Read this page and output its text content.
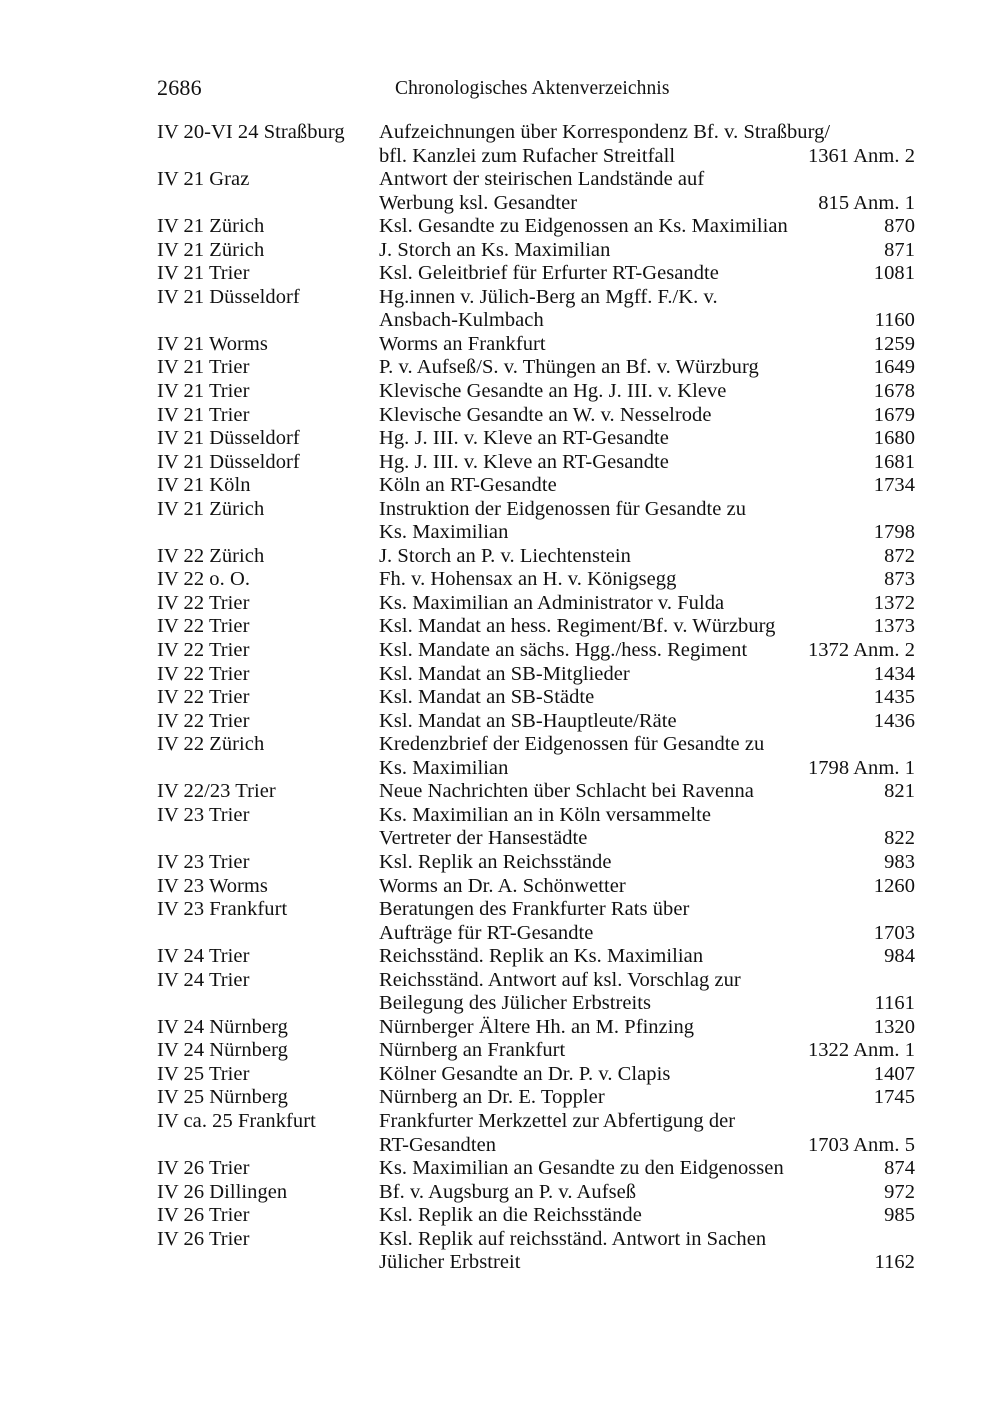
2686	Chronologisches Aktenverzeichnis
IV 20-VI 24 Straßburg	Aufzeichnungen über Korrespondenz Bf. v. Straßburg/
bfl. Kanzlei zum Rufacher Streitfall	1361 Anm. 2
IV 21 Graz	Antwort der steirischen Landstände auf
Werbung ksl. Gesandter	815 Anm. 1
IV 21 Zürich	Ksl. Gesandte zu Eidgenossen an Ks. Maximilian	870
IV 21 Zürich	J. Storch an Ks. Maximilian	871
IV 21 Trier	Ksl. Geleitbrief für Erfurter RT-Gesandte	1081
IV 21 Düsseldorf	Hg.innen v. Jülich-Berg an Mgff. F./K. v.
Ansbach-Kulmbach	1160
IV 21 Worms	Worms an Frankfurt	1259
IV 21 Trier	P. v. Aufseß/S. v. Thüngen an Bf. v. Würzburg	1649
IV 21 Trier	Klevische Gesandte an Hg. J. III. v. Kleve	1678
IV 21 Trier	Klevische Gesandte an W. v. Nesselrode	1679
IV 21 Düsseldorf	Hg. J. III. v. Kleve an RT-Gesandte	1680
IV 21 Düsseldorf	Hg. J. III. v. Kleve an RT-Gesandte	1681
IV 21 Köln	Köln an RT-Gesandte	1734
IV 21 Zürich	Instruktion der Eidgenossen für Gesandte zu
Ks. Maximilian	1798
IV 22 Zürich	J. Storch an P. v. Liechtenstein	872
IV 22 o. O.	Fh. v. Hohensax an H. v. Königsegg	873
IV 22 Trier	Ks. Maximilian an Administrator v. Fulda	1372
IV 22 Trier	Ksl. Mandat an hess. Regiment/Bf. v. Würzburg	1373
IV 22 Trier	Ksl. Mandate an sächs. Hgg./hess. Regiment	1372 Anm. 2
IV 22 Trier	Ksl. Mandat an SB-Mitglieder	1434
IV 22 Trier	Ksl. Mandat an SB-Städte	1435
IV 22 Trier	Ksl. Mandat an SB-Hauptleute/Räte	1436
IV 22 Zürich	Kredenzbrief der Eidgenossen für Gesandte zu
Ks. Maximilian	1798 Anm. 1
IV 22/23 Trier	Neue Nachrichten über Schlacht bei Ravenna	821
IV 23 Trier	Ks. Maximilian an in Köln versammelte
Vertreter der Hansestädte	822
IV 23 Trier	Ksl. Replik an Reichsstände	983
IV 23 Worms	Worms an Dr. A. Schönwetter	1260
IV 23 Frankfurt	Beratungen des Frankfurter Rats über
Aufträge für RT-Gesandte	1703
IV 24 Trier	Reichsständ. Replik an Ks. Maximilian	984
IV 24 Trier	Reichsständ. Antwort auf ksl. Vorschlag zur
Beilegung des Jülicher Erbstreits	1161
IV 24 Nürnberg	Nürnberger Ältere Hh. an M. Pfinzing	1320
IV 24 Nürnberg	Nürnberg an Frankfurt	1322 Anm. 1
IV 25 Trier	Kölner Gesandte an Dr. P. v. Clapis	1407
IV 25 Nürnberg	Nürnberg an Dr. E. Toppler	1745
IV ca. 25 Frankfurt	Frankfurter Merkzettel zur Abfertigung der
RT-Gesandten	1703 Anm. 5
IV 26 Trier	Ks. Maximilian an Gesandte zu den Eidgenossen	874
IV 26 Dillingen	Bf. v. Augsburg an P. v. Aufseß	972
IV 26 Trier	Ksl. Replik an die Reichsstände	985
IV 26 Trier	Ksl. Replik auf reichsständ. Antwort in Sachen
Jülicher Erbstreit	1162
